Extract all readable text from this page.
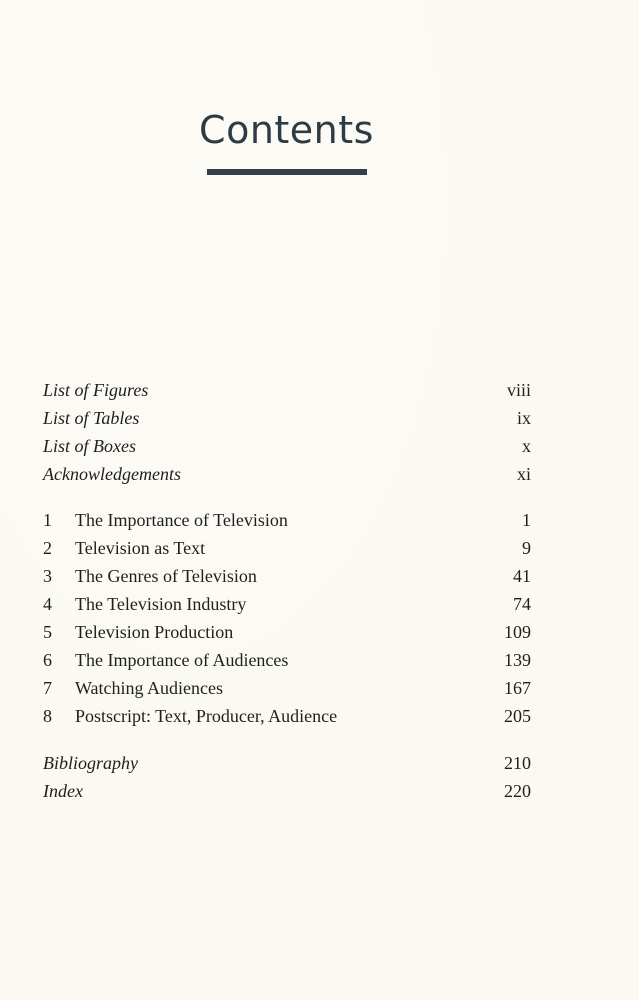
Contents
List of Figures	viii
List of Tables	ix
List of Boxes	x
Acknowledgements	xi
1	The Importance of Television	1
2	Television as Text	9
3	The Genres of Television	41
4	The Television Industry	74
5	Television Production	109
6	The Importance of Audiences	139
7	Watching Audiences	167
8	Postscript: Text, Producer, Audience	205
Bibliography	210
Index	220
